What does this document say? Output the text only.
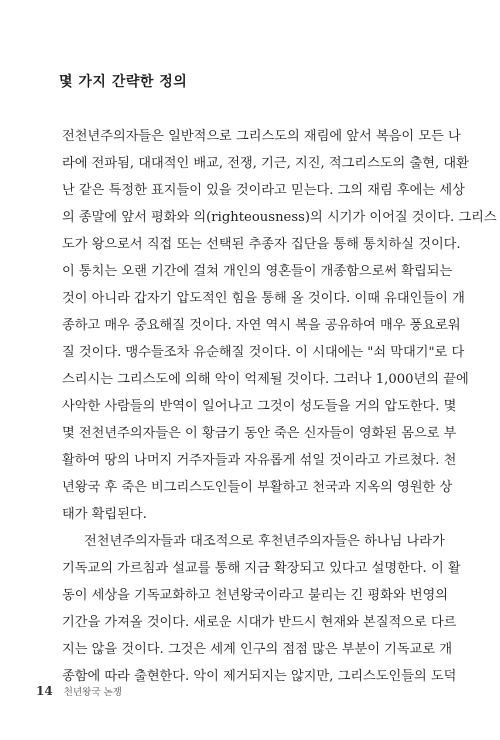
몇 가지 간략한 정의
전천년주의자들은 일반적으로 그리스도의 재림에 앞서 복음이 모든 나
라에 전파됨, 대대적인 배교, 전쟁, 기근, 지진, 적그리스도의 출현, 대환
난 같은 특정한 표지들이 있을 것이라고 믿는다. 그의 재림 후에는 세상
의 종말에 앞서 평화와 의(righteousness)의 시기가 이어질 것이다. 그리스
도가 왕으로서 직접 또는 선택된 추종자 집단을 통해 통치하실 것이다.
이 통치는 오랜 기간에 걸쳐 개인의 영혼들이 개종함으로써 확립되는
것이 아니라 갑자기 압도적인 힘을 통해 올 것이다. 이때 유대인들이 개
종하고 매우 중요해질 것이다. 자연 역시 복을 공유하여 매우 풍요로워
질 것이다. 맹수들조차 유순해질 것이다. 이 시대에는 "쇠 막대기"로 다
스리시는 그리스도에 의해 악이 억제될 것이다. 그러나 1,000년의 끝에
사악한 사람들의 반역이 일어나고 그것이 성도들을 거의 압도한다. 몇
몇 전천년주의자들은 이 황금기 동안 죽은 신자들이 영화된 몸으로 부
활하여 땅의 나머지 거주자들과 자유롭게 섞일 것이라고 가르쳤다. 천
년왕국 후 죽은 비그리스도인들이 부활하고 천국과 지옥의 영원한 상
태가 확립된다.
전천년주의자들과 대조적으로 후천년주의자들은 하나님 나라가
기독교의 가르침과 설교를 통해 지금 확장되고 있다고 설명한다. 이 활
동이 세상을 기독교화하고 천년왕국이라고 불리는 긴 평화와 번영의
기간을 가져올 것이다. 새로운 시대가 반드시 현재와 본질적으로 다르
지는 않을 것이다. 그것은 세계 인구의 점점 많은 부분이 기독교로 개
종함에 따라 출현한다. 악이 제거되지는 않지만, 그리스도인들의 도덕
14 천년왕국 논쟁
